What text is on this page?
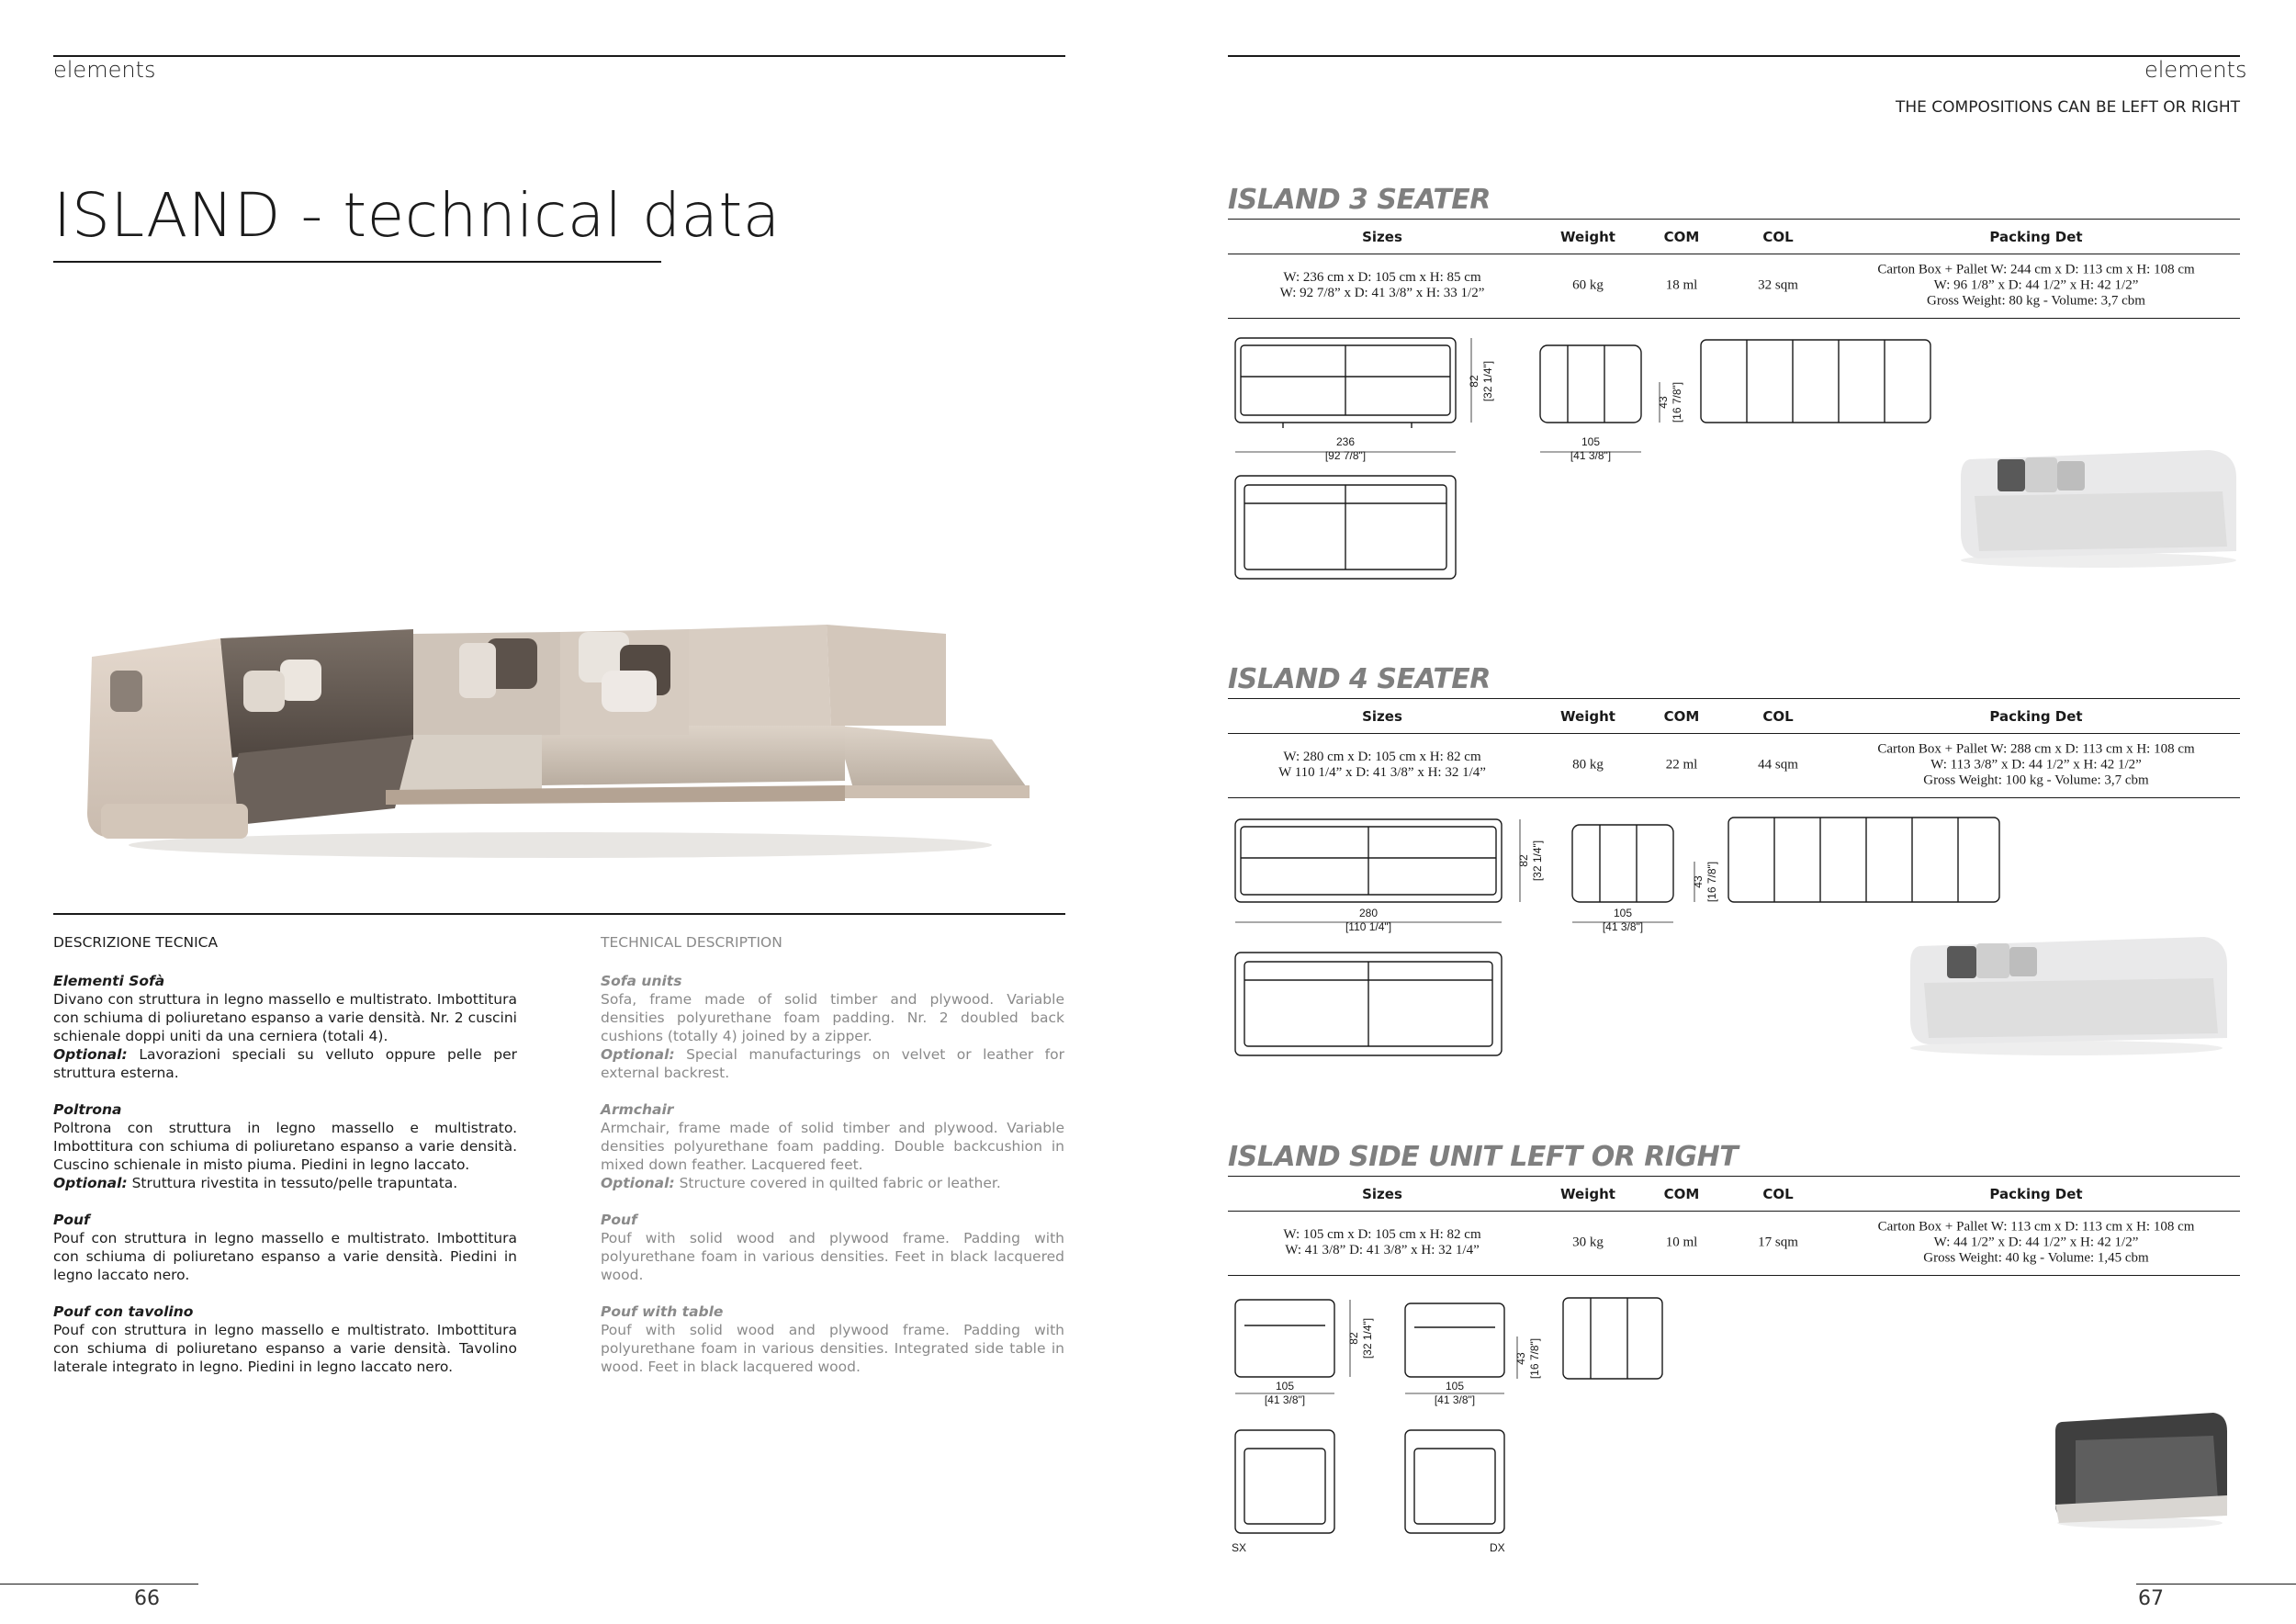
elements
ISLAND - technical data
DESCRIZIONE TECNICA
Elementi Sofà
Divano con struttura in legno massello e multistrato. Imbottitura con schiuma di poliuretano espanso a varie densità. Nr. 2 cuscini schienale doppi uniti da una cerniera (totali 4).
Optional: Lavorazioni speciali su velluto oppure pelle per struttura esterna.
Poltrona
Poltrona con struttura in legno massello e multistrato. Imbottitura con schiuma di poliuretano espanso a varie densità. Cuscino schienale in misto piuma. Piedini in legno laccato.
Optional: Struttura rivestita in tessuto/pelle trapuntata.
Pouf
Pouf con struttura in legno massello e multistrato. Imbottitura con schiuma di poliuretano espanso a varie densità. Piedini in legno laccato nero.
Pouf con tavolino
Pouf con struttura in legno massello e multistrato. Imbottitura con schiuma di poliuretano espanso a varie densità. Tavolino laterale integrato in legno. Piedini in legno laccato nero.
TECHNICAL DESCRIPTION
Sofa units
Sofa, frame made of solid timber and plywood. Variable densities polyurethane foam padding. Nr. 2 doubled back cushions (totally 4) joined by a zipper.
Optional: Special manufacturings on velvet or leather for external backrest.
Armchair
Armchair, frame made of solid timber and plywood. Variable densities polyurethane foam padding. Double backcushion in mixed down feather. Lacquered feet.
Optional: Structure covered in quilted fabric or leather.
Pouf
Pouf with solid wood and plywood frame. Padding with polyurethane foam in various densities. Feet in black lacquered wood.
Pouf with table
Pouf with solid wood and plywood frame. Padding with polyurethane foam in various densities. Integrated side table in wood. Feet in black lacquered wood.
66
elements
THE COMPOSITIONS CAN BE LEFT OR RIGHT
ISLAND 3 SEATER
Sizes	Weight	COM	COL	Packing Det
W: 236 cm x D: 105 cm x H: 85 cm
W: 92 7/8” x D: 41 3/8” x H: 33 1/2”
60 kg	18 ml	32 sqm
Carton Box + Pallet W: 244 cm x D: 113 cm x H: 108 cm
W: 96 1/8” x D: 44 1/2” x H: 42 1/2”
Gross Weight: 80 kg - Volume: 3,7 cbm
236
[92 7/8"]
82 [32 1/4"]
105
[41 3/8"]
43 [16 7/8"]
ISLAND 4 SEATER
Sizes	Weight	COM	COL	Packing Det
W: 280 cm x D: 105 cm x H: 82 cm
W 110 1/4” x D: 41 3/8” x H: 32 1/4”
80 kg	22 ml	44 sqm
Carton Box + Pallet W: 288 cm x D: 113 cm x H: 108 cm
W: 113 3/8” x D: 44 1/2” x H: 42 1/2”
Gross Weight: 100 kg - Volume: 3,7 cbm
280
[110 1/4"]
82 [32 1/4"]
105
[41 3/8"]
43 [16 7/8"]
ISLAND SIDE UNIT LEFT OR RIGHT
Sizes	Weight	COM	COL	Packing Det
W: 105 cm x D: 105 cm x H: 82 cm
W: 41 3/8” D: 41 3/8” x H: 32 1/4”
30 kg	10 ml	17 sqm
Carton Box + Pallet W: 113 cm x D: 113 cm x H: 108 cm
W: 44 1/2” x D: 44 1/2” x H: 42 1/2”
Gross Weight: 40 kg - Volume: 1,45 cbm
105
[41 3/8"]
105
[41 3/8"]
82 [32 1/4"]	43 [16 7/8"]
SX	DX
67
